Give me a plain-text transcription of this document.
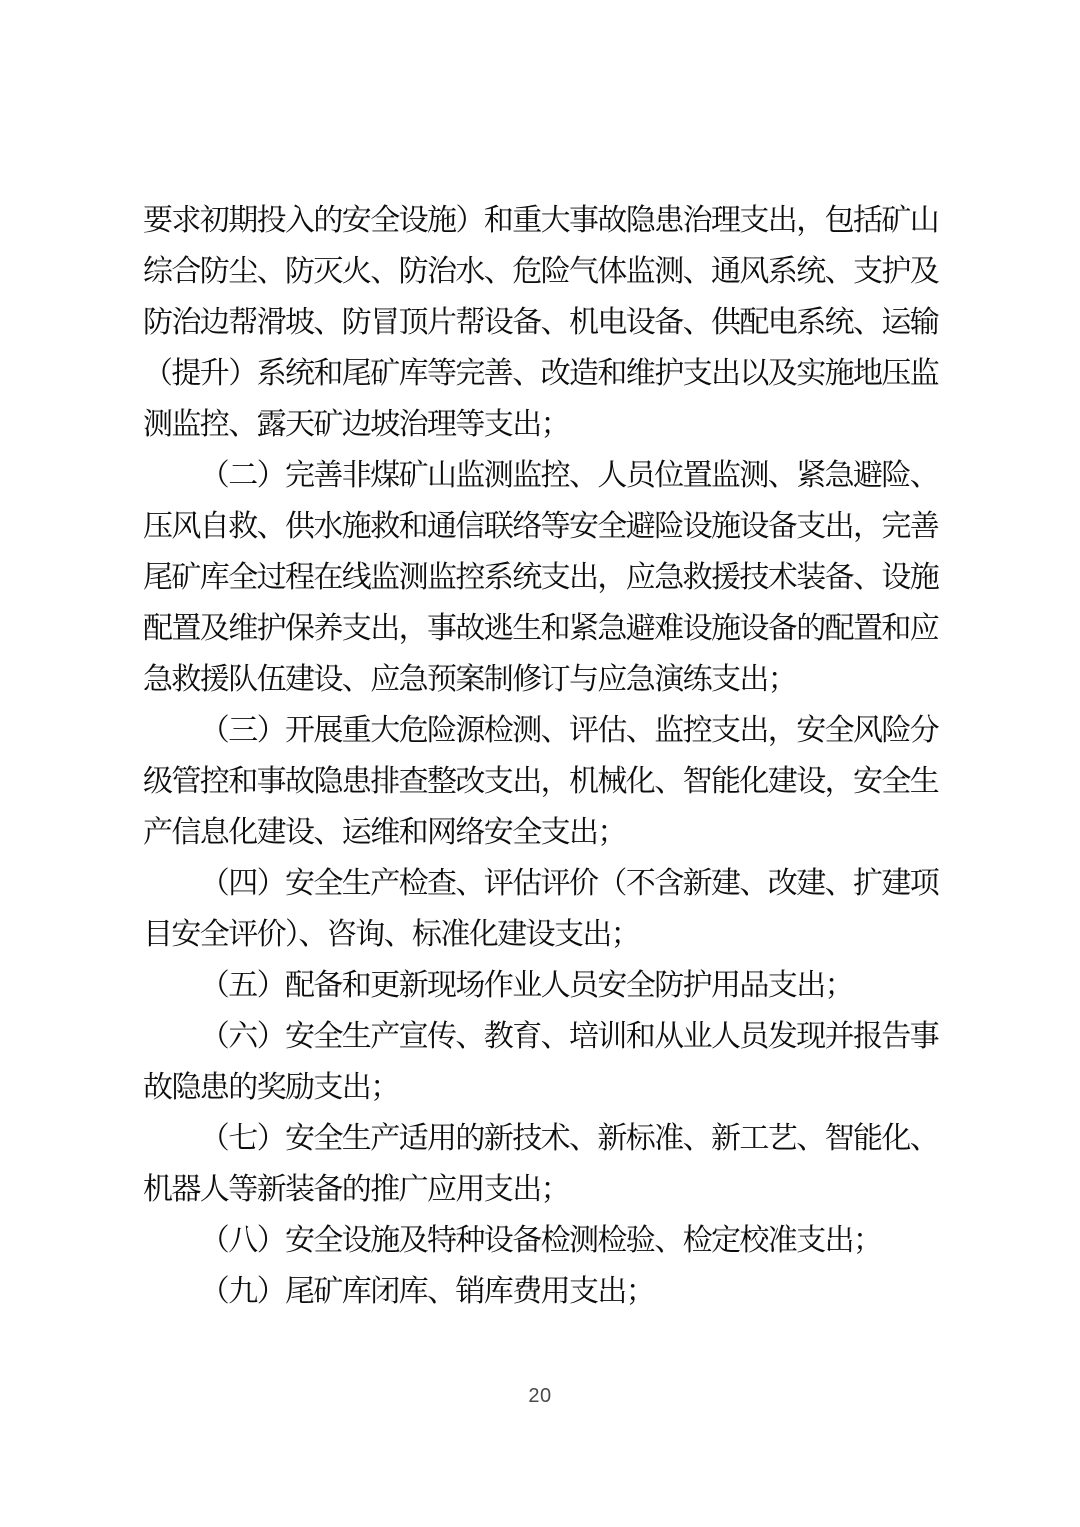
要求初期投入的安全设施）和重大事故隐患治理支出，包括矿山
综合防尘、防灭火、防治水、危险气体监测、通风系统、支护及
防治边帮滑坡、防冒顶片帮设备、机电设备、供配电系统、运输
（提升）系统和尾矿库等完善、改造和维护支出以及实施地压监
测监控、露天矿边坡治理等支出；
（二）完善非煤矿山监测监控、人员位置监测、紧急避险、
压风自救、供水施救和通信联络等安全避险设施设备支出，完善
尾矿库全过程在线监测监控系统支出，应急救援技术装备、设施
配置及维护保养支出，事故逃生和紧急避难设施设备的配置和应
急救援队伍建设、应急预案制修订与应急演练支出；
（三）开展重大危险源检测、评估、监控支出，安全风险分
级管控和事故隐患排查整改支出，机械化、智能化建设，安全生
产信息化建设、运维和网络安全支出；
（四）安全生产检查、评估评价（不含新建、改建、扩建项
目安全评价）、咨询、标准化建设支出；
（五）配备和更新现场作业人员安全防护用品支出；
（六）安全生产宣传、教育、培训和从业人员发现并报告事
故隐患的奖励支出；
（七）安全生产适用的新技术、新标准、新工艺、智能化、
机器人等新装备的推广应用支出；
（八）安全设施及特种设备检测检验、检定校准支出；
（九）尾矿库闭库、销库费用支出；
20
